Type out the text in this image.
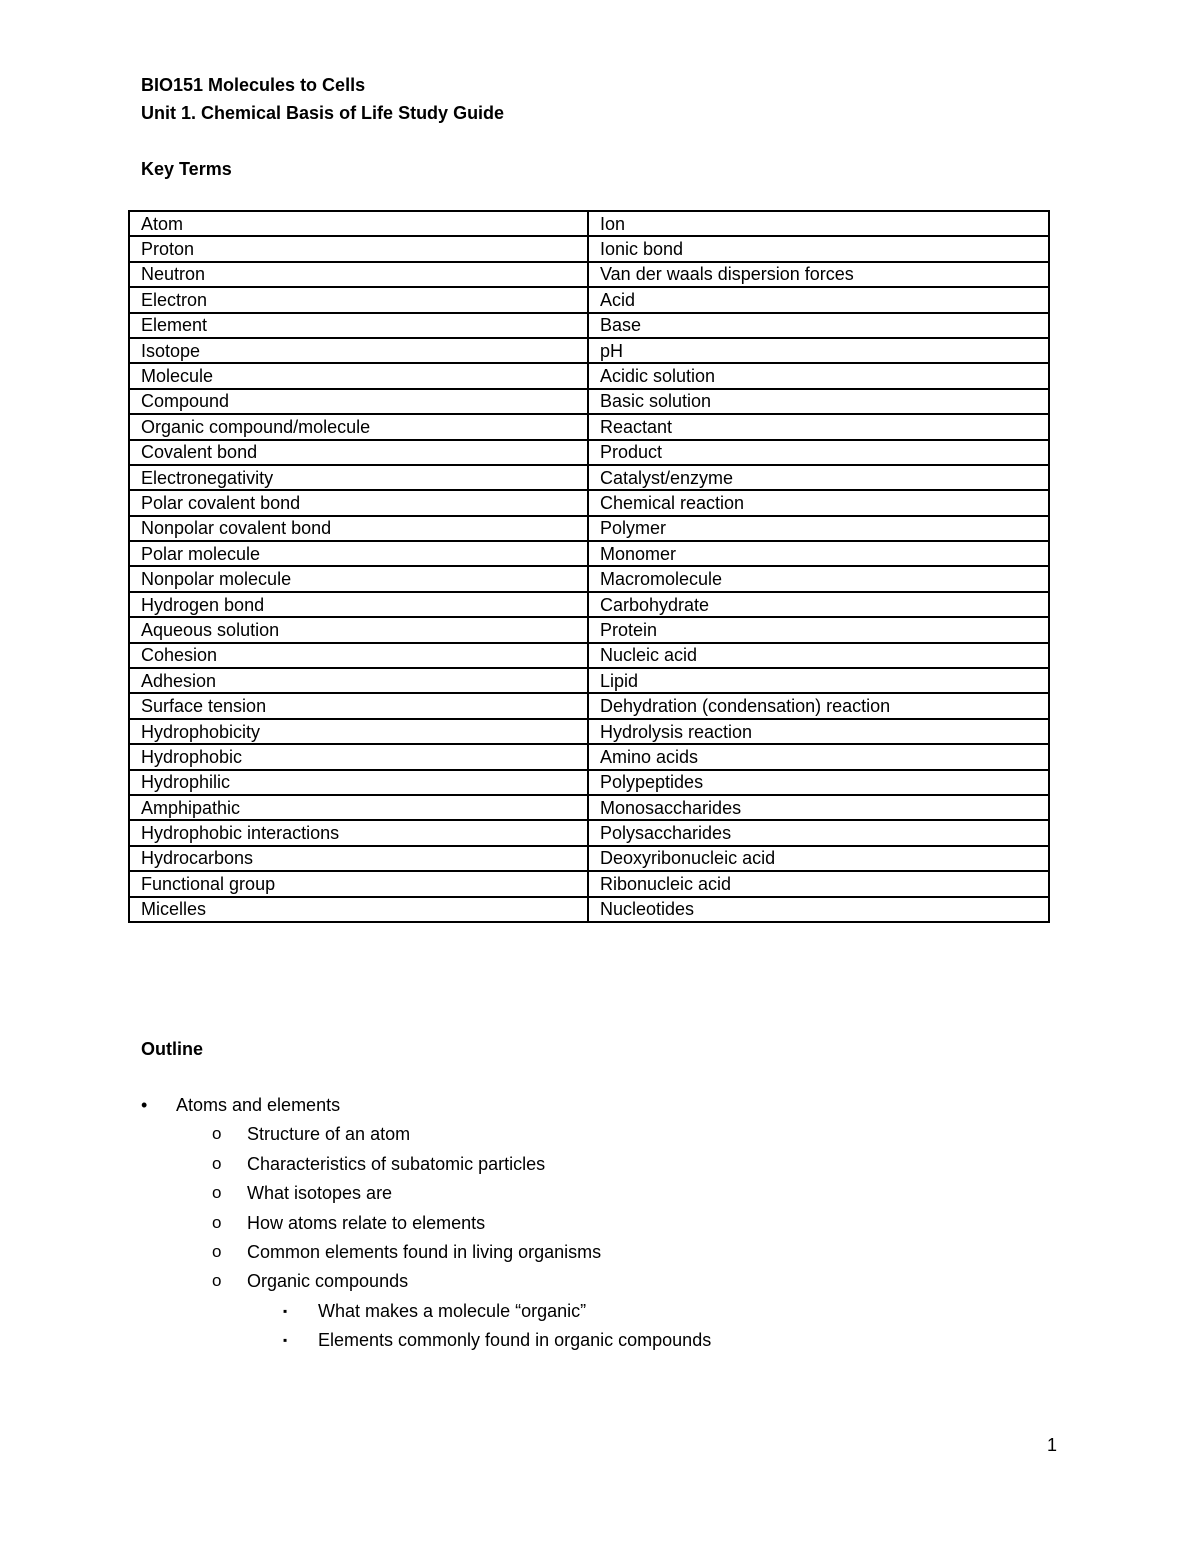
BIO151 Molecules to Cells
Unit 1. Chemical Basis of Life Study Guide
Key Terms
Atom	Ion
Proton	Ionic bond
Neutron	Van der waals dispersion forces
Electron	Acid
Element	Base
Isotope	pH
Molecule	Acidic solution
Compound	Basic solution
Organic compound/molecule	Reactant
Covalent bond	Product
Electronegativity	Catalyst/enzyme
Polar covalent bond	Chemical reaction
Nonpolar covalent bond	Polymer
Polar molecule	Monomer
Nonpolar molecule	Macromolecule
Hydrogen bond	Carbohydrate
Aqueous solution	Protein
Cohesion	Nucleic acid
Adhesion	Lipid
Surface tension	Dehydration (condensation) reaction
Hydrophobicity	Hydrolysis reaction
Hydrophobic	Amino acids
Hydrophilic	Polypeptides
Amphipathic	Monosaccharides
Hydrophobic interactions	Polysaccharides
Hydrocarbons	Deoxyribonucleic acid
Functional group	Ribonucleic acid
Micelles	Nucleotides
Outline
• Atoms and elements
o Structure of an atom
o Characteristics of subatomic particles
o What isotopes are
o How atoms relate to elements
o Common elements found in living organisms
o Organic compounds
▪ What makes a molecule “organic”
▪ Elements commonly found in organic compounds
1
